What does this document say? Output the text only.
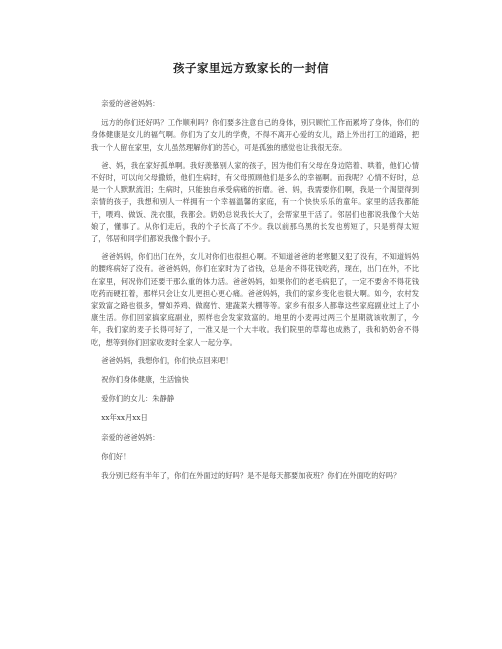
孩子家里远方致家长的一封信

亲爱的爸爸妈妈：

远方的你们还好吗？工作顺利吗？你们要多注意自己的身体，别只顾忙工作而累垮了身体，你们的身体健康是女儿的福气啊。你们为了女儿的学费，不得不离开心爱的女儿，踏上外出打工的道路，把我一个人留在家里，女儿虽然理解你们的苦心，可是孤独的感觉也让我很无奈。

爸、妈，我在家好孤单啊。我好羡慕别人家的孩子，因为他们有父母在身边陪着、哄着，他们心情不好时，可以向父母撒娇，他们生病时，有父母照顾他们是多么的幸福啊。而我呢？心情不好时，总是一个人默默流泪；生病时，只能独自承受病痛的折磨。爸、妈，我需要你们啊，我是一个渴望得到亲情的孩子，我想和别人一样拥有一个幸福温馨的家庭，有一个快快乐乐的童年。家里的活我都能干，喂鸡、做饭、洗衣服，我都会。奶奶总说我长大了，会帮家里干活了。邻居们也都说我像个大姑娘了，懂事了。从你们走后，我的个子长高了不少。我以前那乌黑的长发也剪短了，只是剪得太短了，邻居和同学们都说我像个假小子。

爸爸妈妈，你们出门在外，女儿对你们也很担心啊。不知道爸爸的老寒腿又犯了没有，不知道妈妈的腰疼病好了没有。爸爸妈妈，你们在家时为了省钱，总是舍不得花钱吃药，现在，出门在外，不比在家里，何况你们还要干那么重的体力活。爸爸妈妈，如果你们的老毛病犯了，一定不要舍不得花钱吃药而硬扛着，那样只会让女儿更担心更心痛。爸爸妈妈，我们的家乡变化也很大啊。如今，农村发家致富之路也很多，譬如养鸡、做腐竹、建蔬菜大棚等等。家乡有很多人都靠这些家庭副业过上了小康生活。你们回家搞家庭副业，照样也会发家致富的。地里的小麦再过两三个星期就该收割了，今年，我们家的麦子长得可好了，一准又是一个大丰收。我们院里的草莓也成熟了，我和奶奶舍不得吃，想等到你们回家收麦时全家人一起分享。

爸爸妈妈，我想你们，你们快点回来吧！

祝你们身体健康，生活愉快

爱你们的女儿：朱静静

xx年xx月xx日

亲爱的爸爸妈妈：

你们好！

我分别已经有半年了，你们在外面过的好吗？是不是每天都要加夜班？你们在外面吃的好吗？
